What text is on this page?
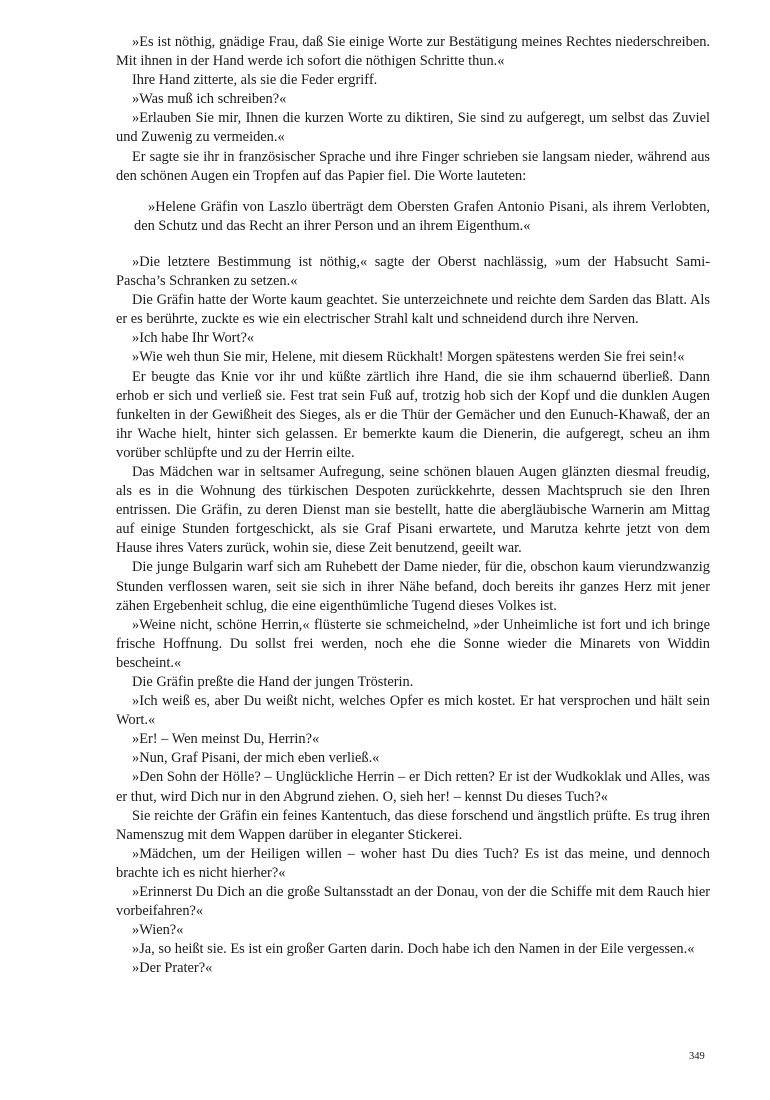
»Es ist nöthig, gnädige Frau, daß Sie einige Worte zur Bestätigung meines Rechtes niederschreiben. Mit ihnen in der Hand werde ich sofort die nöthigen Schritte thun.«

Ihre Hand zitterte, als sie die Feder ergriff.

»Was muß ich schreiben?«

»Erlauben Sie mir, Ihnen die kurzen Worte zu diktiren, Sie sind zu aufgeregt, um selbst das Zuviel und Zuwenig zu vermeiden.«

Er sagte sie ihr in französischer Sprache und ihre Finger schrieben sie langsam nieder, während aus den schönen Augen ein Tropfen auf das Papier fiel. Die Worte lauteten:

»Helene Gräfin von Laszlo überträgt dem Obersten Grafen Antonio Pisani, als ihrem Verlobten, den Schutz und das Recht an ihrer Person und an ihrem Eigenthum.«

»Die letztere Bestimmung ist nöthig,« sagte der Oberst nachlässig, »um der Habsucht Sami-Pascha’s Schranken zu setzen.«

Die Gräfin hatte der Worte kaum geachtet. Sie unterzeichnete und reichte dem Sarden das Blatt. Als er es berührte, zuckte es wie ein electrischer Strahl kalt und schneidend durch ihre Nerven.

»Ich habe Ihr Wort?«

»Wie weh thun Sie mir, Helene, mit diesem Rückhalt! Morgen spätestens werden Sie frei sein!«

Er beugte das Knie vor ihr und küßte zärtlich ihre Hand, die sie ihm schauernd überließ. Dann erhob er sich und verließ sie. Fest trat sein Fuß auf, trotzig hob sich der Kopf und die dunklen Augen funkelten in der Gewißheit des Sieges, als er die Thür der Gemächer und den Eunuch-Khawaß, der an ihr Wache hielt, hinter sich gelassen. Er bemerkte kaum die Dienerin, die aufgeregt, scheu an ihm vorüber schlüpfte und zu der Herrin eilte.

Das Mädchen war in seltsamer Aufregung, seine schönen blauen Augen glänzten diesmal freudig, als es in die Wohnung des türkischen Despoten zurückkehrte, dessen Machtspruch sie den Ihren entrissen. Die Gräfin, zu deren Dienst man sie bestellt, hatte die abergläubische Warnerin am Mittag auf einige Stunden fortgeschickt, als sie Graf Pisani erwartete, und Marutza kehrte jetzt von dem Hause ihres Vaters zurück, wohin sie, diese Zeit benutzend, geeilt war.

Die junge Bulgarin warf sich am Ruhebett der Dame nieder, für die, obschon kaum vierundzwanzig Stunden verflossen waren, seit sie sich in ihrer Nähe befand, doch bereits ihr ganzes Herz mit jener zähen Ergebenheit schlug, die eine eigenthümliche Tugend dieses Volkes ist.

»Weine nicht, schöne Herrin,« flüsterte sie schmeichelnd, »der Unheimliche ist fort und ich bringe frische Hoffnung. Du sollst frei werden, noch ehe die Sonne wieder die Minarets von Widdin bescheint.«

Die Gräfin preßte die Hand der jungen Trösterin.

»Ich weiß es, aber Du weißt nicht, welches Opfer es mich kostet. Er hat versprochen und hält sein Wort.«

»Er! – Wen meinst Du, Herrin?«

»Nun, Graf Pisani, der mich eben verließ.«

»Den Sohn der Hölle? – Unglückliche Herrin – er Dich retten? Er ist der Wudkoklak und Alles, was er thut, wird Dich nur in den Abgrund ziehen. O, sieh her! – kennst Du dieses Tuch?«

Sie reichte der Gräfin ein feines Kantentuch, das diese forschend und ängstlich prüfte. Es trug ihren Namenszug mit dem Wappen darüber in eleganter Stickerei.

»Mädchen, um der Heiligen willen – woher hast Du dies Tuch? Es ist das meine, und dennoch brachte ich es nicht hierher?«

»Erinnerst Du Dich an die große Sultansstadt an der Donau, von der die Schiffe mit dem Rauch hier vorbeifahren?«

»Wien?«

»Ja, so heißt sie. Es ist ein großer Garten darin. Doch habe ich den Namen in der Eile vergessen.«

»Der Prater?«

349
